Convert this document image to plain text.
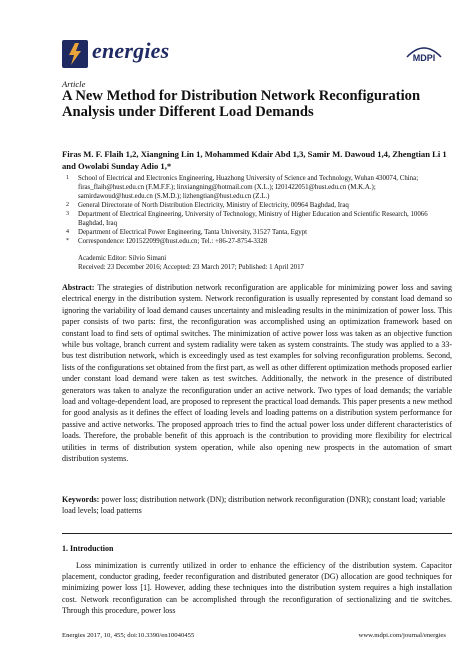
energies	MDPI
Article
A New Method for Distribution Network Reconfiguration Analysis under Different Load Demands
Firas M. F. Flaih 1,2, Xiangning Lin 1, Mohammed Kdair Abd 1,3, Samir M. Dawoud 1,4, Zhengtian Li 1 and Owolabi Sunday Adio 1,*
1 School of Electrical and Electronics Engineering, Huazhong University of Science and Technology, Wuhan 430074, China; firas_flaih@hust.edu.cn (F.M.F.F.); linxiangning@hotmail.com (X.L.); I201422051@hust.edu.cn (M.K.A.); samirdawoud@hust.edu.cn (S.M.D.); lizhengtian@hust.edu.cn (Z.L.)
2 General Directorate of North Distribution Electricity, Ministry of Electricity, 00964 Baghdad, Iraq
3 Department of Electrical Engineering, University of Technology, Ministry of Higher Education and Scientific Research, 10066 Baghdad, Iraq
4 Department of Electrical Power Engineering, Tanta University, 31527 Tanta, Egypt
* Correspondence: I201522099@hust.edu.cn; Tel.: +86-27-8754-3328
Academic Editor: Silvio Simani
Received: 23 December 2016; Accepted: 23 March 2017; Published: 1 April 2017
Abstract: The strategies of distribution network reconfiguration are applicable for minimizing power loss and saving electrical energy in the distribution system. Network reconfiguration is usually represented by constant load demand so ignoring the variability of load demand causes uncertainty and misleading results in the minimization of power loss. This paper consists of two parts: first, the reconfiguration was accomplished using an optimization framework based on constant load to find sets of optimal switches. The minimization of active power loss was taken as an objective function while bus voltage, branch current and system radiality were taken as system constraints. The study was applied to a 33-bus test distribution network, which is exceedingly used as test examples for solving reconfiguration problems. Second, lists of the configurations set obtained from the first part, as well as other different optimization methods proposed earlier under constant load demand were taken as test switches. Additionally, the network in the presence of distributed generators was taken to analyze the reconfiguration under an active network. Two types of load demands; the variable load and voltage-dependent load, are proposed to represent the practical load demands. This paper presents a new method for good analysis as it defines the effect of loading levels and loading patterns on a distribution system performance for passive and active networks. The proposed approach tries to find the actual power loss under different characteristics of loads. Therefore, the probable benefit of this approach is the contribution to providing more flexibility for electrical utilities in terms of distribution system operation, while also opening new prospects in the automation of smart distribution systems.
Keywords: power loss; distribution network (DN); distribution network reconfiguration (DNR); constant load; variable load levels; load patterns
1. Introduction
Loss minimization is currently utilized in order to enhance the efficiency of the distribution system. Capacitor placement, conductor grading, feeder reconfiguration and distributed generator (DG) allocation are good techniques for minimizing power loss [1]. However, adding these techniques into the distribution system requires a high installation cost. Network reconfiguration can be accomplished through the reconfiguration of sectionalizing and tie switches. Through this procedure, power loss
Energies 2017, 10, 455; doi:10.3390/en10040455	www.mdpi.com/journal/energies
